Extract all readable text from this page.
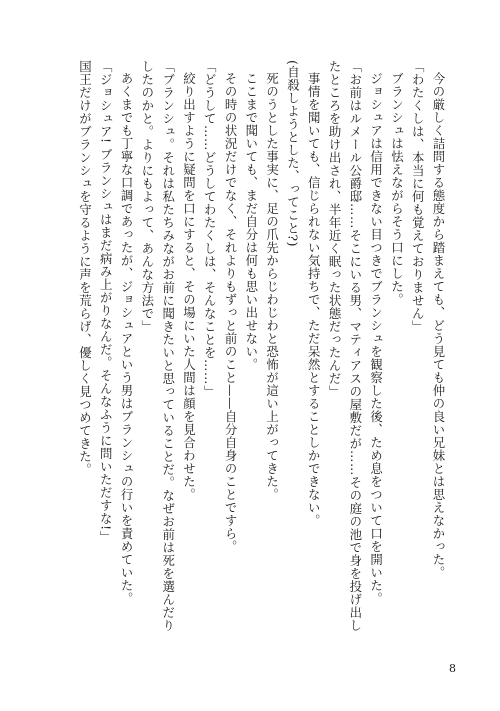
今の厳しく詰問する態度から踏まえても、どう見ても仲の良い兄妹とは思えなかった。
「わたくしは、本当に何も覚えておりません」
ブランシュは怯えながらそう口にした。
ジョシュアは信用できない目つきでブランシュを観察した後、ため息をついて口を開いた。
「お前はルメール公爵邸……そこにいる男、マティアスの屋敷だが……その庭の池で身を投げ出し
たところを助け出され、半年近く眠った状態だったんだ」
事情を聞いても、信じられない気持ちで、ただ呆然とすることしかできない。
(自殺しようとした、ってこと?)
死のうとした事実に、足の爪先からじわじわと恐怖が這い上がってきた。
ここまで聞いても、まだ自分は何も思い出せない。
その時の状況だけでなく、それよりもずっと前のこと——自分自身のことですら。
「どうして……どうしてわたくしは、そんなことを……」
絞り出すように疑問を口にすると、その場にいた人間は顔を見合わせた。
「ブランシュ。それは私たちみながお前に聞きたいと思っていることだ。なぜお前は死を選んだり
したのかと。よりにもよって、あんな方法で」
あくまでも丁寧な口調であったが、ジョシュアという男はブランシュの行いを責めていた。
「ジョシュア! ブランシュはまだ病み上がりなんだ。そんなふうに問いただすな!」
国王だけがブランシュを守るように声を荒らげ、優しく見つめてきた。
8
